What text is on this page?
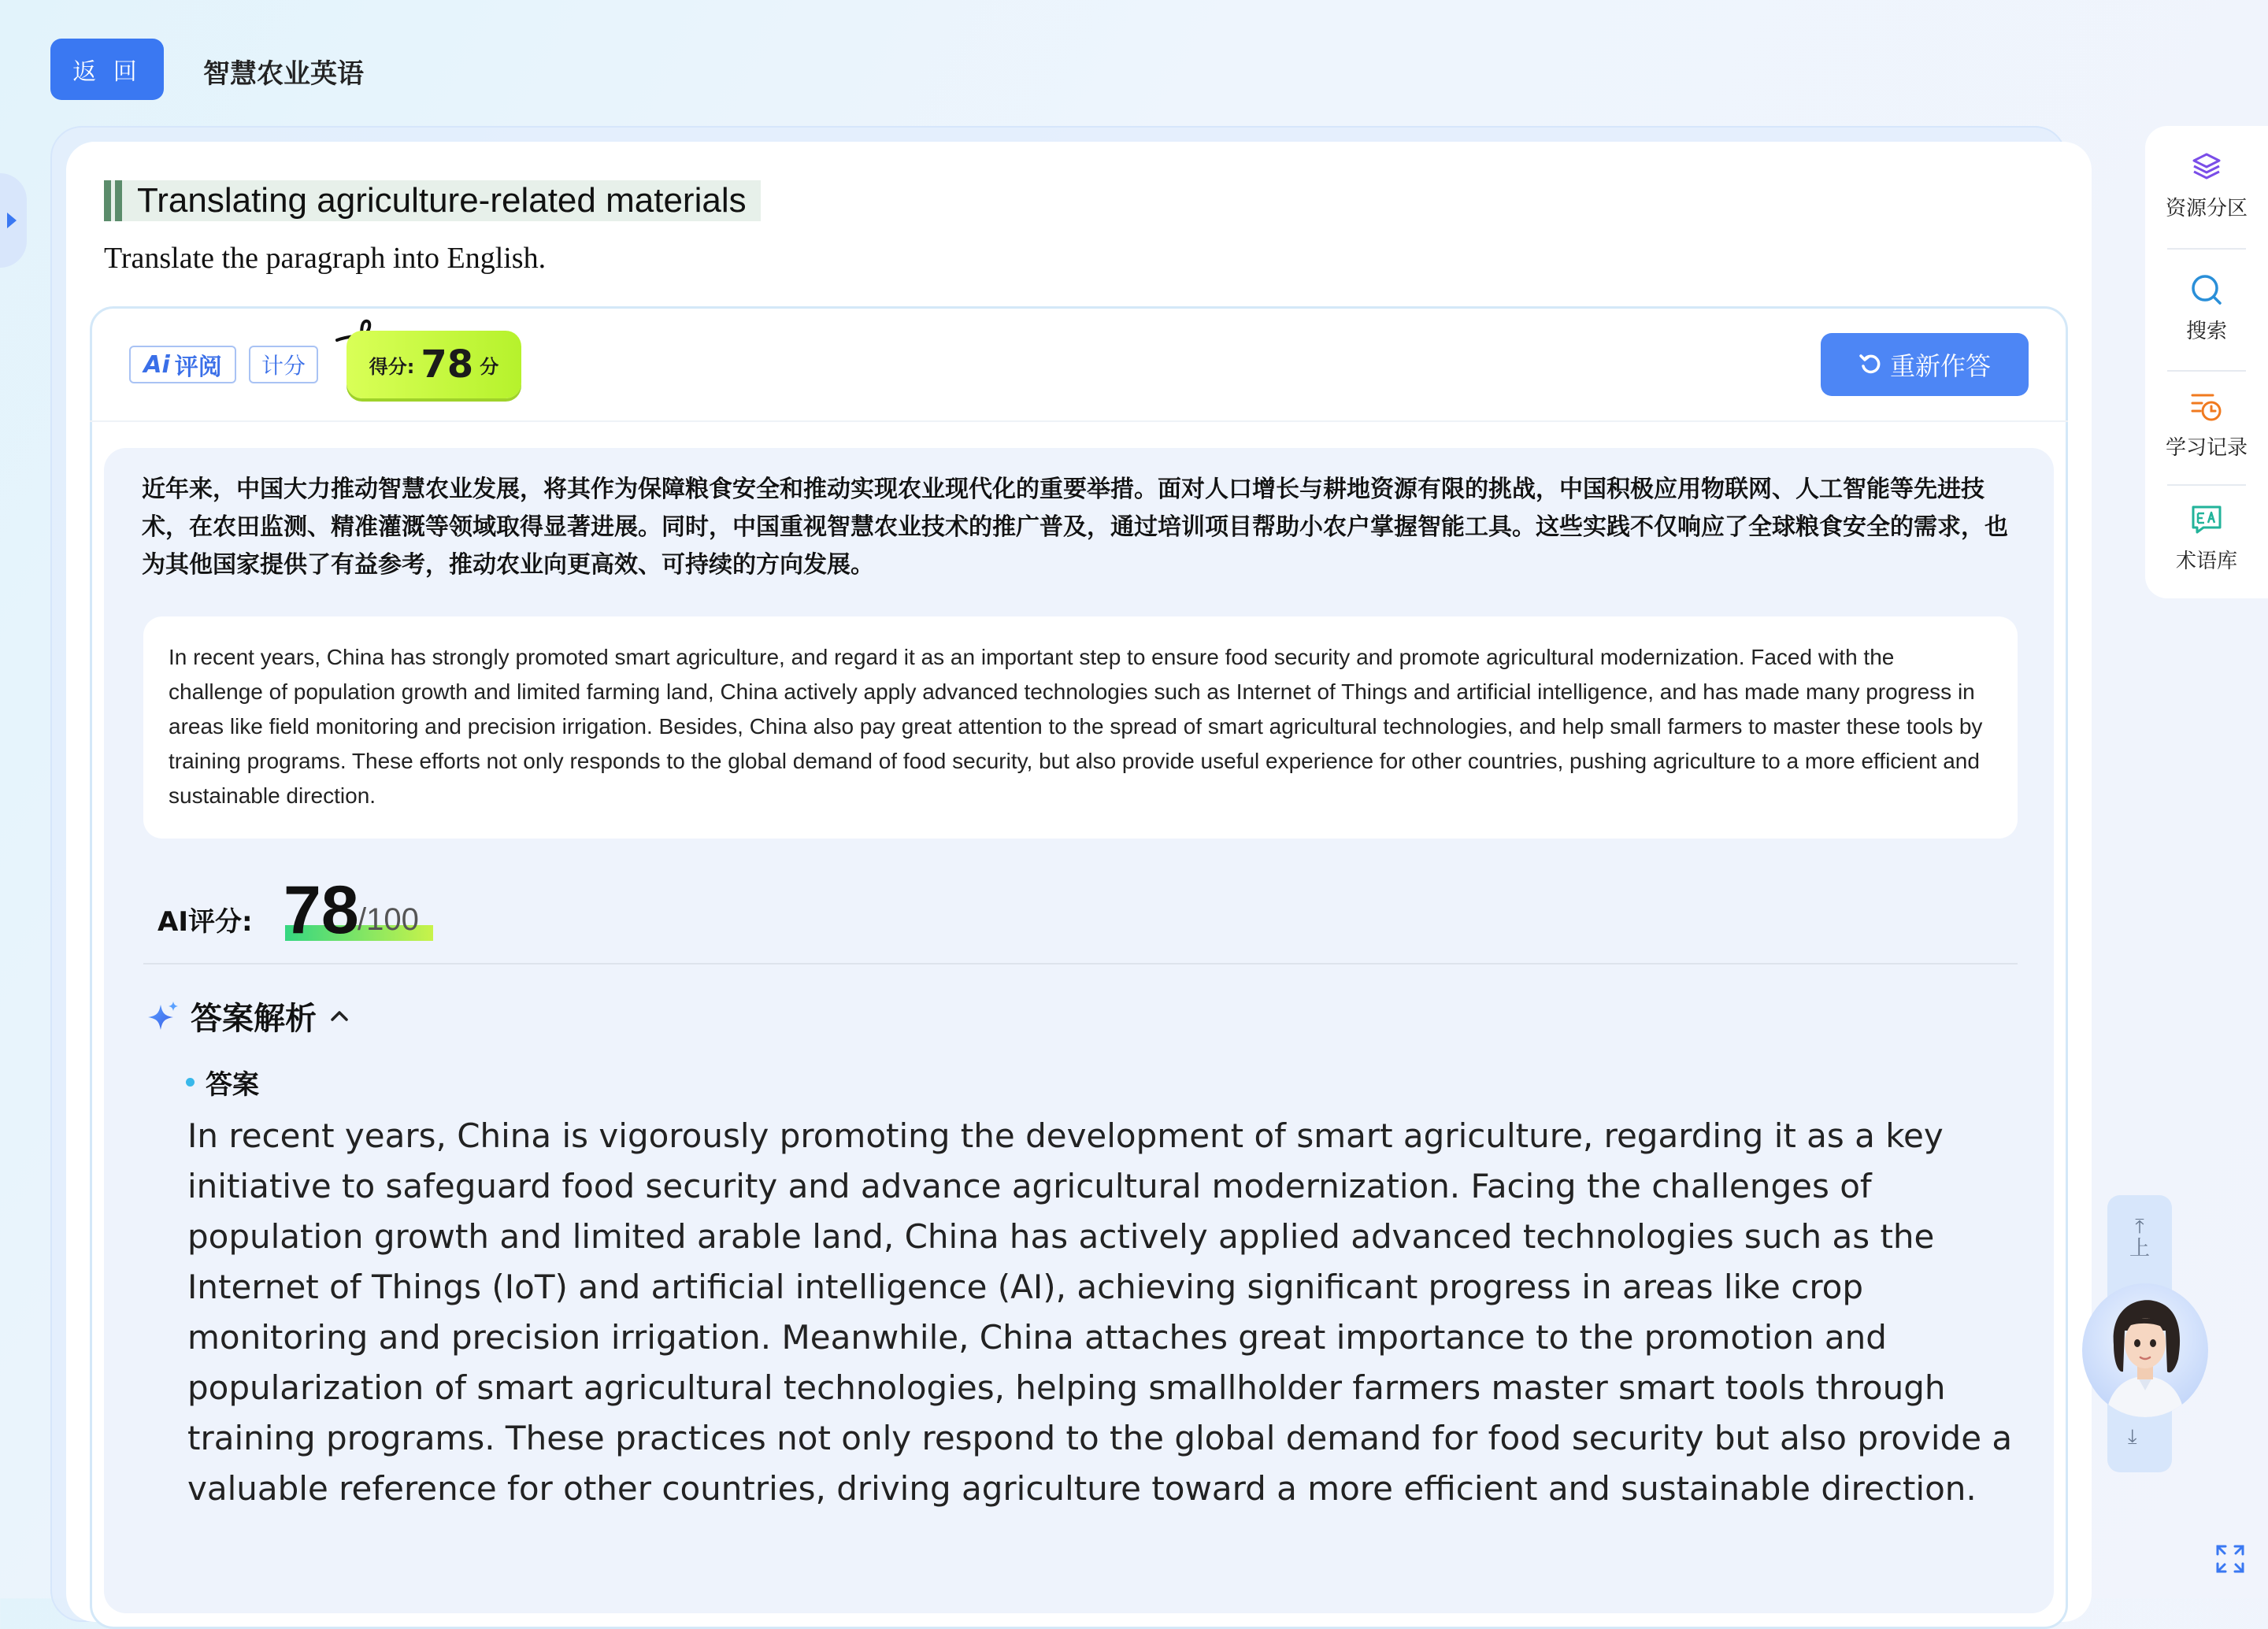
返 回	智慧农业英语
Translating agriculture-related materials
Translate the paragraph into English.
Ai 评阅	计分	得分: 78 分	重新作答
近年来，中国大力推动智慧农业发展，将其作为保障粮食安全和推动实现农业现代化的重要举措。面对人口增长与耕地资源有限的挑战，中国积极应用物联网、人工智能等先进技术，在农田监测、精准灌溉等领域取得显著进展。同时，中国重视智慧农业技术的推广普及，通过培训项目帮助小农户掌握智能工具。这些实践不仅响应了全球粮食安全的需求，也为其他国家提供了有益参考，推动农业向更高效、可持续的方向发展。
In recent years, China has strongly promoted smart agriculture, and regard it as an important step to ensure food security and promote agricultural modernization. Faced with the challenge of population growth and limited farming land, China actively apply advanced technologies such as Internet of Things and artificial intelligence, and has made many progress in areas like field monitoring and precision irrigation. Besides, China also pay great attention to the spread of smart agricultural technologies, and help small farmers to master these tools by training programs. These efforts not only responds to the global demand of food security, but also provide useful experience for other countries, pushing agriculture to a more efficient and sustainable direction.
AI评分: 78
/100
答案解析
答案
In recent years, China is vigorously promoting the development of smart agriculture, regarding it as a key initiative to safeguard food security and advance agricultural modernization. Facing the challenges of population growth and limited arable land, China has actively applied advanced technologies such as the Internet of Things (IoT) and artificial intelligence (AI), achieving significant progress in areas like crop monitoring and precision irrigation. Meanwhile, China attaches great importance to the promotion and popularization of smart agricultural technologies, helping smallholder farmers master smart tools through training programs. These practices not only respond to the global demand for food security but also provide a valuable reference for other countries, driving agriculture toward a more efficient and sustainable direction.
资源分区
搜索
学习记录
术语库
⤒
上
⤓
